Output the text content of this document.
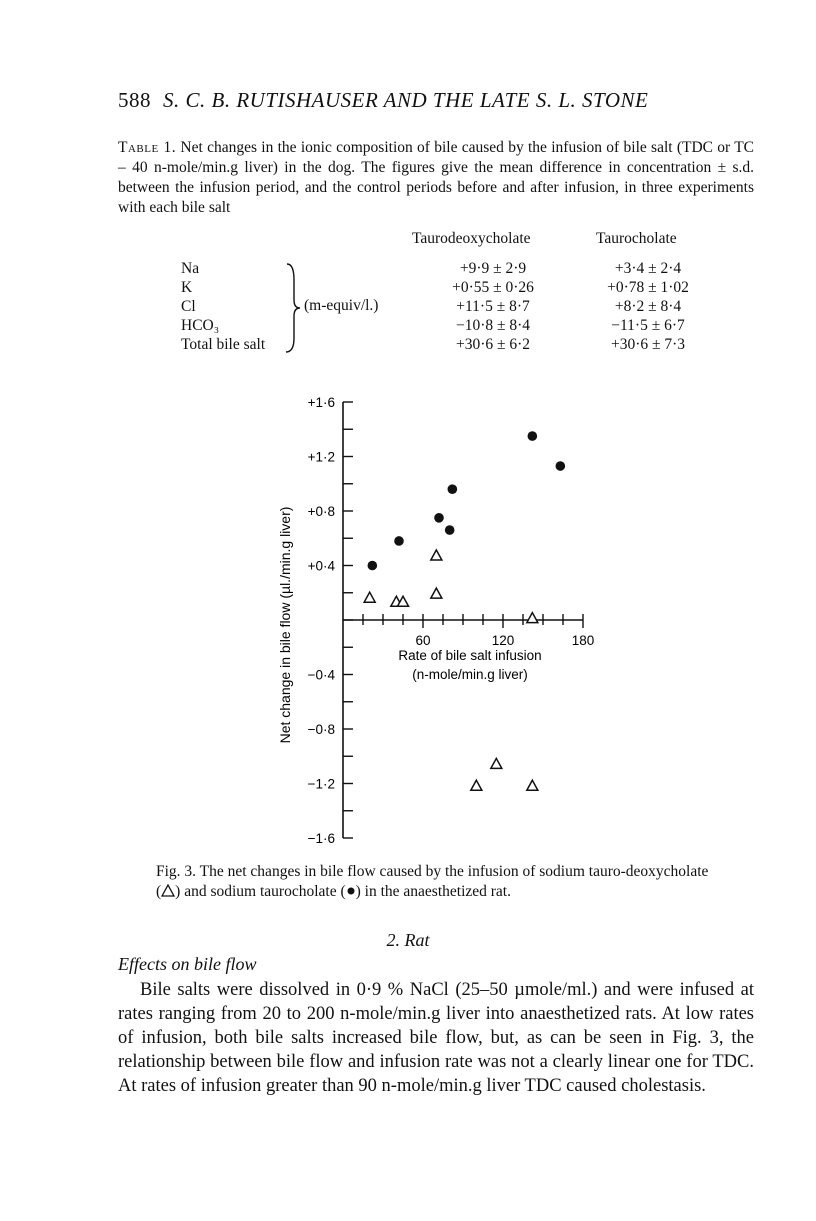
588 S. C. B. RUTISHAUSER AND THE LATE S. L. STONE
Table 1. Net changes in the ionic composition of bile caused by the infusion of bile salt (TDC or TC – 40 n-mole/min.g liver) in the dog. The figures give the mean difference in concentration ± s.d. between the infusion period, and the control periods before and after infusion, in three experiments with each bile salt
Taurodeoxycholate	Taurocholate
Na	+9·9 ± 2·9	+3·4 ± 2·4
K	+0·55 ± 0·26	+0·78 ± 1·02
Cl	+11·5 ± 8·7	+8·2 ± 8·4
HCO₃	−10·8 ± 8·4	−11·5 ± 6·7
Total bile salt	+30·6 ± 6·2	+30·6 ± 7·3
(m-equiv/l.)
+1·6
+1·2
+0·8
+0·4
−0·4
−0·8
−1·2
−1·6
60	120	180
Net change in bile flow (µl./min.g liver)	Rate of bile salt infusion
(n-mole/min.g liver)
Fig. 3. The net changes in bile flow caused by the infusion of sodium tauro-deoxycholate ( ) and sodium taurocholate ( ) in the anaesthetized rat.
2. Rat
Effects on bile flow

Bile salts were dissolved in 0·9 % NaCl (25–50 µmole/ml.) and were infused at rates ranging from 20 to 200 n-mole/min.g liver into anaesthetized rats. At low rates of infusion, both bile salts increased bile flow, but, as can be seen in Fig. 3, the relationship between bile flow and infusion rate was not a clearly linear one for TDC. At rates of infusion greater than 90 n-mole/min.g liver TDC caused cholestasis.
